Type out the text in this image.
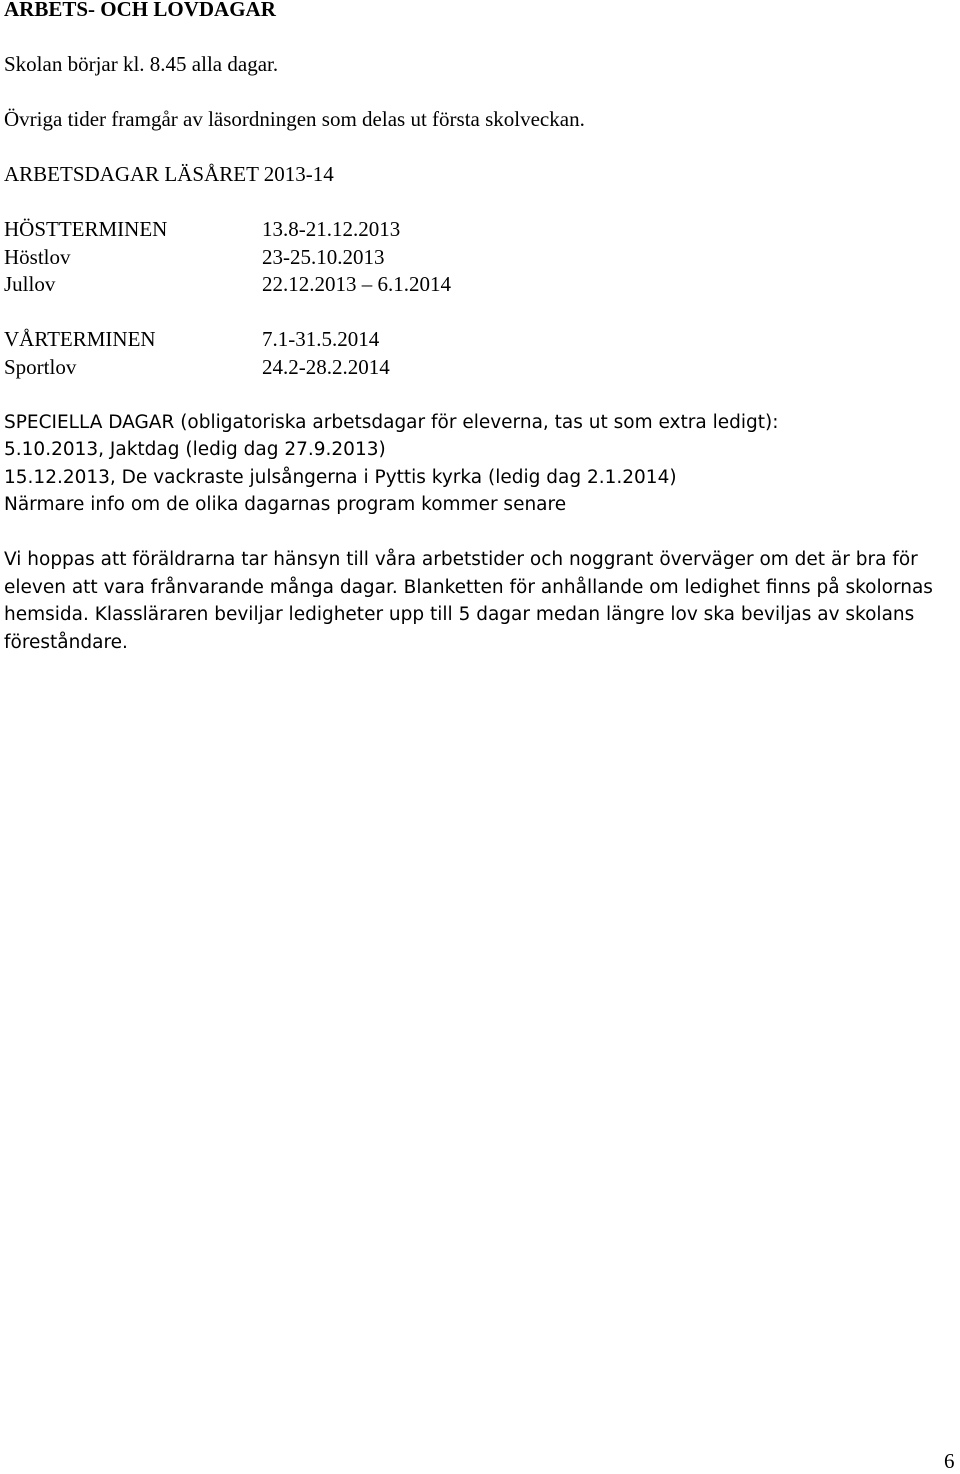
ARBETS- OCH LOVDAGAR

Skolan börjar kl. 8.45 alla dagar.

Övriga tider framgår av läsordningen som delas ut första skolveckan.

ARBETSDAGAR LÄSÅRET 2013-14

HÖSTTERMINEN	13.8-21.12.2013
Höstlov	23-25.10.2013
Jullov	22.12.2013 – 6.1.2014
VÅRTERMINEN	7.1-31.5.2014
Sportlov	24.2-28.2.2014

SPECIELLA DAGAR (obligatoriska arbetsdagar för eleverna, tas ut som extra ledigt):

5.10.2013, Jaktdag (ledig dag 27.9.2013)

15.12.2013, De vackraste julsångerna i Pyttis kyrka (ledig dag 2.1.2014)

Närmare info om de olika dagarnas program kommer senare

Vi hoppas att föräldrarna tar hänsyn till våra arbetstider och noggrant överväger om det är bra för eleven att vara frånvarande många dagar. Blanketten för anhållande om ledighet finns på skolornas hemsida. Klassläraren beviljar ledigheter upp till 5 dagar medan längre lov ska beviljas av skolans föreståndare.

6
